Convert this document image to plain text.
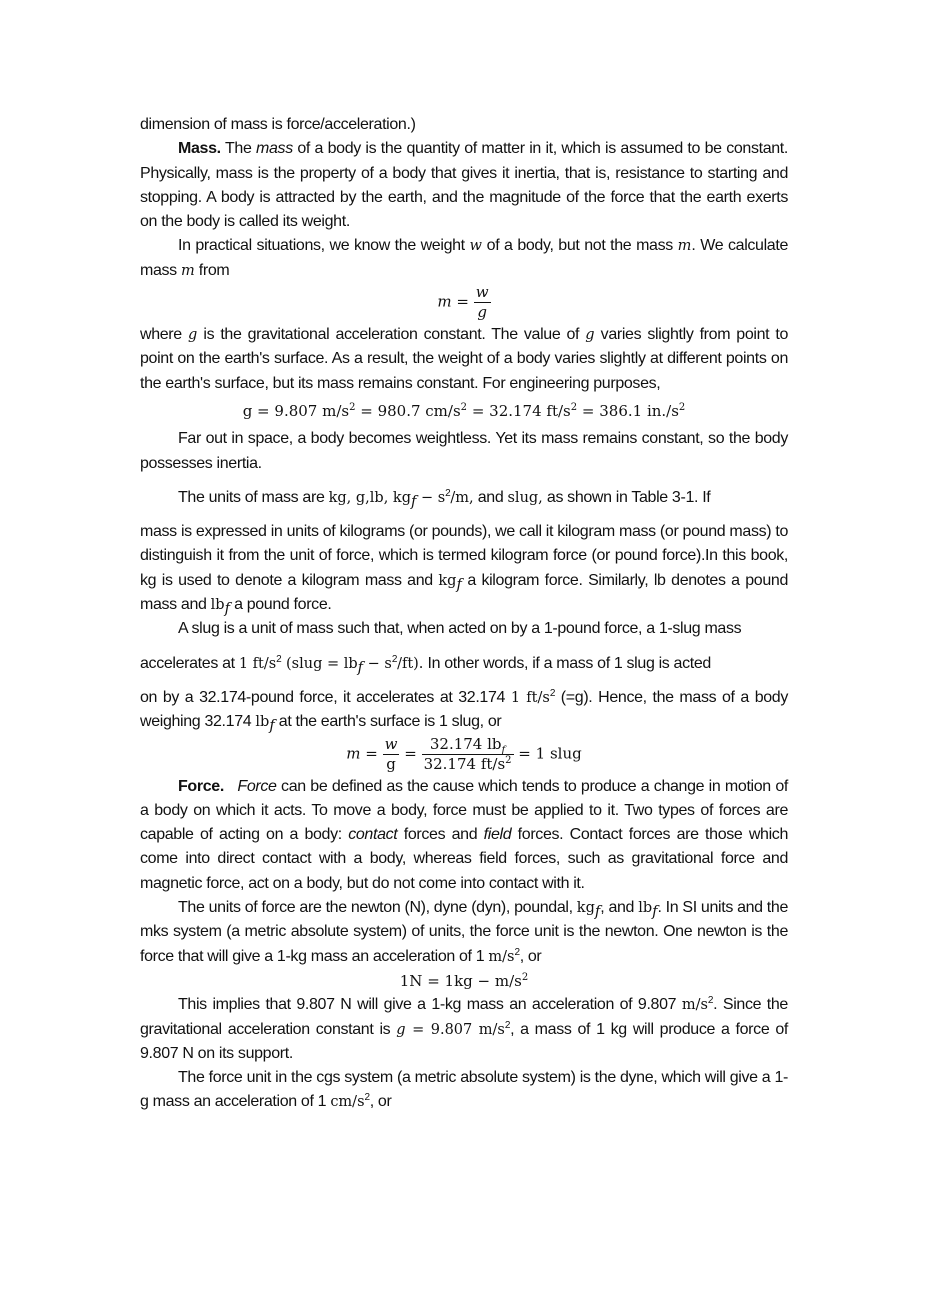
dimension of mass is force/acceleration.)

Mass. The mass of a body is the quantity of matter in it, which is assumed to be constant. Physically, mass is the property of a body that gives it inertia, that is, resistance to starting and stopping. A body is attracted by the earth, and the magnitude of the force that the earth exerts on the body is called its weight.

In practical situations, we know the weight w of a body, but not the mass m. We calculate mass m from

$m = \frac{w}{g}$

where g is the gravitational acceleration constant. The value of g varies slightly from point to point on the earth's surface. As a result, the weight of a body varies slightly at different points on the earth's surface, but its mass remains constant. For engineering purposes,

g = 9.807 $m/s^2 = 980.7$ $cm/s^2 = 32.174$ $ft/s^2 = 386.1$ $in./s^2$

Far out in space, a body becomes weightless. Yet its mass remains constant, so the body possesses inertia.

The units of mass are kg, g,lb, $kg_f - s^2/m$, and slug, as shown in Table 3-1. If

mass is expressed in units of kilograms (or pounds), we call it kilogram mass (or pound mass) to distinguish it from the unit of force, which is termed kilogram force (or pound force).In this book, kg is used to denote a kilogram mass and $kg_f$ a kilogram force. Similarly, lb denotes a pound mass and $lb_f$ a pound force.

A slug is a unit of mass such that, when acted on by a 1-pound force, a 1-slug mass

accelerates at 1 $ft/s^2$ (slug = $lb_f - s^2/ft$). In other words, if a mass of 1 slug is acted

on by a 32.174-pound force, it accelerates at 32.174 1 $ft/s^2$ (=g). Hence, the mass of a body weighing 32.174 $lb_f$ at the earth's surface is 1 slug, or

$m = \frac{w}{g} = \frac{32.174 lb_f}{32.174 ft/s^2} = 1$ slug

Force. Force can be defined as the cause which tends to produce a change in motion of a body on which it acts. To move a body, force must be applied to it. Two types of forces are capable of acting on a body: contact forces and field forces. Contact forces are those which come into direct contact with a body, whereas field forces, such as gravitational force and magnetic force, act on a body, but do not come into contact with it.

The units of force are the newton (N), dyne (dyn), poundal, $kg_f$, and $lb_f$. In SI units and the mks system (a metric absolute system) of units, the force unit is the newton. One newton is the force that will give a 1-kg mass an acceleration of 1 $m/s^2$, or

$1N = 1kg - m/s^2$

This implies that 9.807 N will give a 1-kg mass an acceleration of 9.807 $m/s^2$. Since the gravitational acceleration constant is g = 9.807 $m/s^2$, a mass of 1 kg will produce a force of 9.807 N on its support.

The force unit in the cgs system (a metric absolute system) is the dyne, which will give a 1-g mass an acceleration of 1 $cm/s^2$, or
